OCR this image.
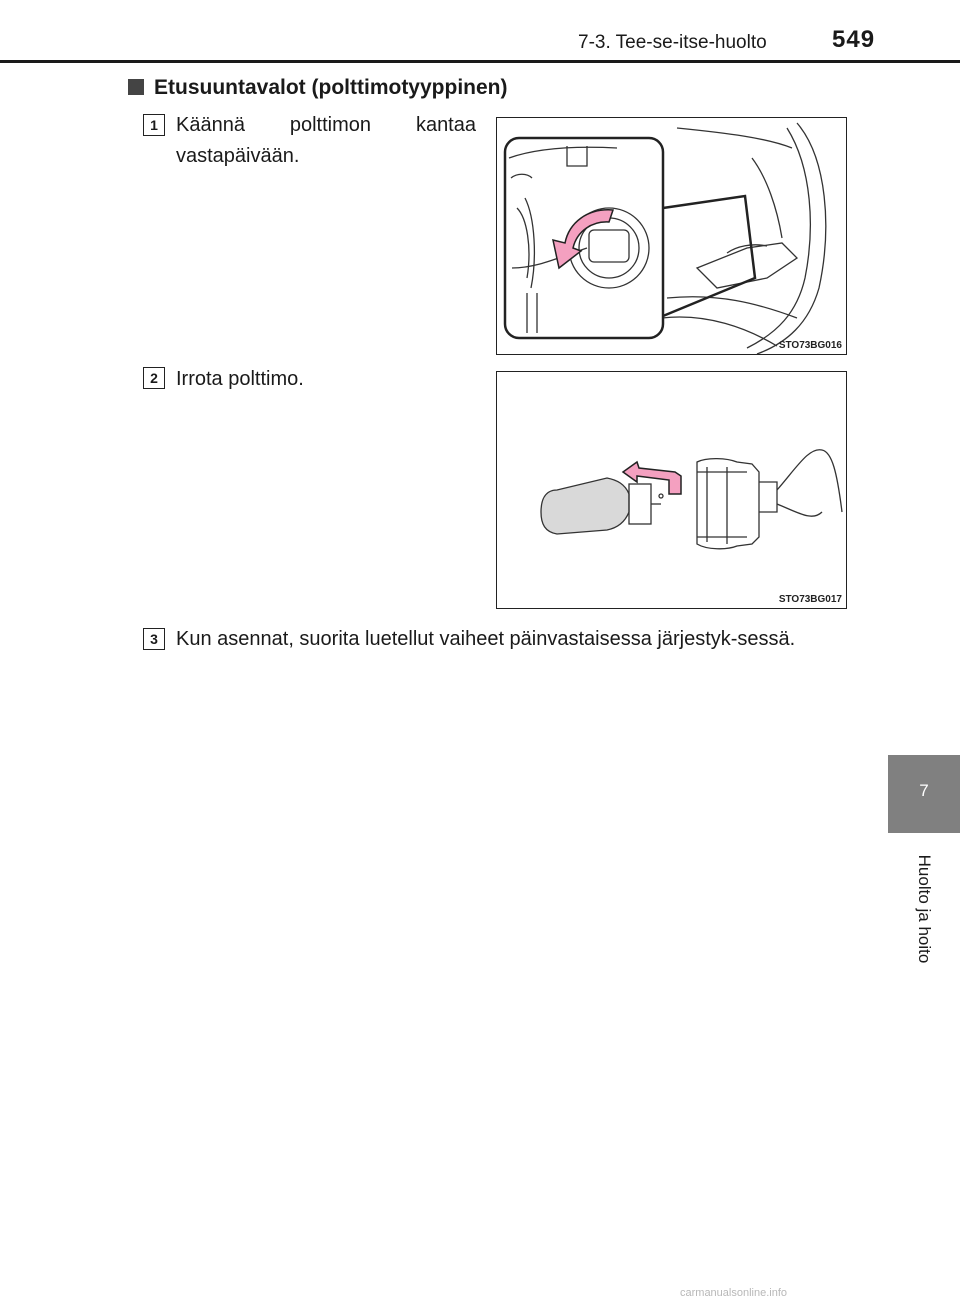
7-3. Tee-se-itse-huolto	549
Etusuuntavalot (polttimotyyppinen)
1 Käännä polttimon kantaa
vastapäivään.
STO73BG016
2 Irrota polttimo.
STO73BG017
3 Kun asennat, suorita luetellut vaiheet päinvastaisessa järjestyk-sessä.
7
Huolto ja hoito
carmanualsonline.info
